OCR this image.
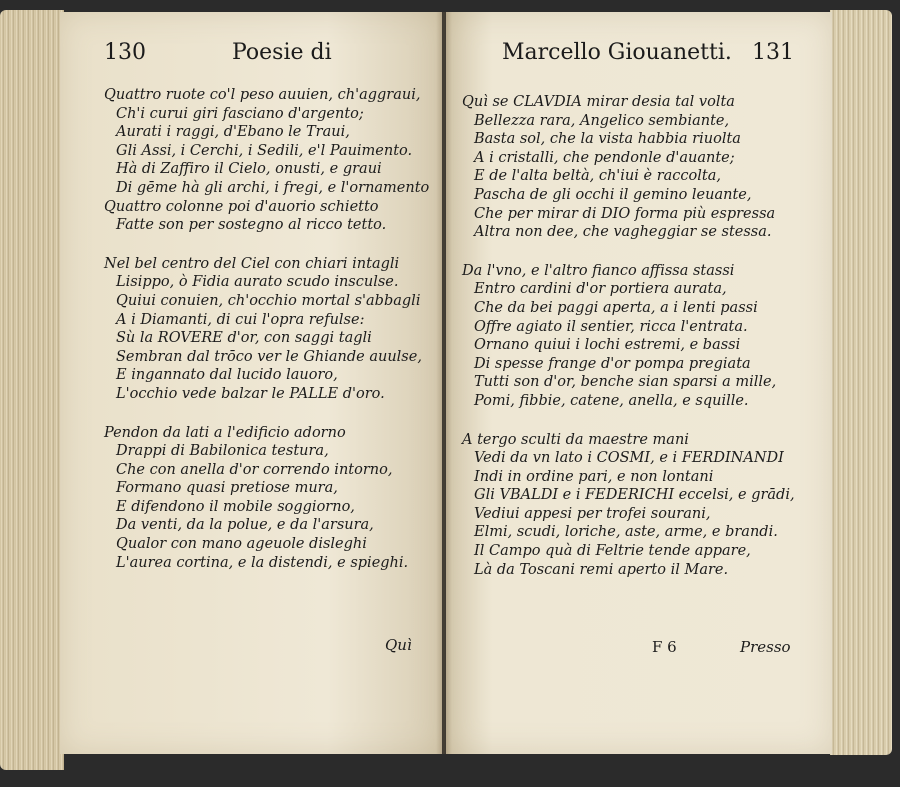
130	Poesie di	Marcello Giouanetti. 131
Quattro ruote co'l peso auuien, ch'aggraui,
Ch'i curui giri fasciano d'argento;
Aurati i raggi, d'Ebano le Traui,
Gli Assi, i Cerchi, i Sedili, e'l Pauimento.
Hà di Zaffiro il Cielo, onusti, e graui
Di gēme hà gli archi, i fregi, e l'ornamento
Quattro colonne poi d'auorio schietto
Fatte son per sostegno al ricco tetto.
Nel bel centro del Ciel con chiari intagli
Lisippo, ò Fidia aurato scudo insculse.
Quiui conuien, ch'occhio mortal s'abbagli
A i Diamanti, di cui l'opra refulse:
Sù la ROVERE d'or, con saggi tagli
Sembran dal trōco ver le Ghiande auulse,
E ingannato dal lucido lauoro,
L'occhio vede balzar le PALLE d'oro.
Pendon da lati a l'edificio adorno
Drappi di Babilonica testura,
Che con anella d'or correndo intorno,
Formano quasi pretiose mura,
E difendono il mobile soggiorno,
Da venti, da la polue, e da l'arsura,
Qualor con mano ageuole disleghi
L'aurea cortina, e la distendi, e spieghi.
Quì se CLAVDIA mirar desia tal volta
Bellezza rara, Angelico sembiante,
Basta sol, che la vista habbia riuolta
A i cristalli, che pendonle d'auante;
E de l'alta beltà, ch'iui è raccolta,
Pascha de gli occhi il gemino leuante,
Che per mirar di DIO forma più espressa
Altra non dee, che vagheggiar se stessa.
Da l'vno, e l'altro fianco affissa stassi
Entro cardini d'or portiera aurata,
Che da bei paggi aperta, a i lenti passi
Offre agiato il sentier, ricca l'entrata.
Ornano quiui i lochi estremi, e bassi
Di spesse frange d'or pompa pregiata
Tutti son d'or, benche sian sparsi a mille,
Pomi, fibbie, catene, anella, e squille.
A tergo sculti da maestre mani
Vedi da vn lato i COSMI, e i FERDINANDI
Indi in ordine pari, e non lontani
Gli VBALDI e i FEDERICHI eccelsi, e grādi,
Vediui appesi per trofei sourani,
Elmi, scudi, loriche, aste, arme, e brandi.
Il Campo quà di Feltrie tende appare,
Là da Toscani remi aperto il Mare.
Quì	F 6	Presso
